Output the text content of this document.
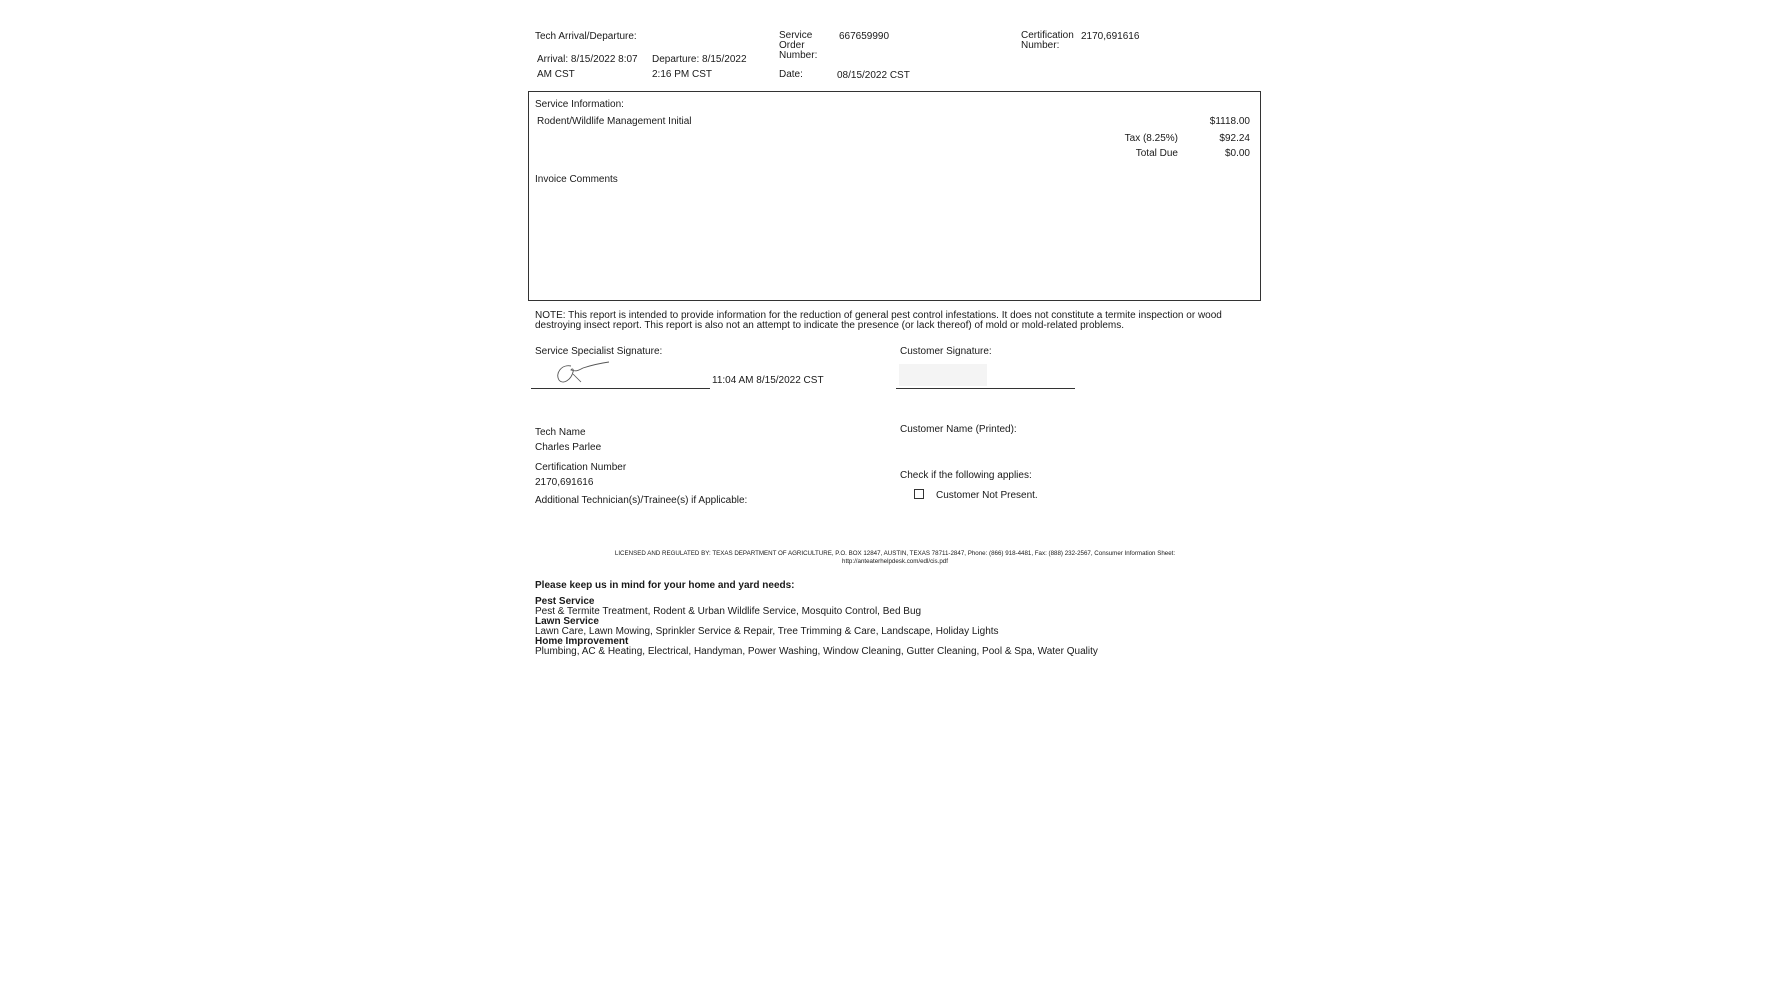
Tech Arrival/Departure:
Arrival: 8/15/2022 8:07
AM CST
Departure: 8/15/2022
2:16 PM CST
Service
Order
Number:
667659990
Date:	08/15/2022 CST
Certification
Number:
2170,691616
Service Information:
Rodent/Wildlife Management Initial	$1118.00
Tax (8.25%)	$92.24
Total Due	$0.00
Invoice Comments
NOTE: This report is intended to provide information for the reduction of general pest control infestations. It does not constitute a termite inspection or wood destroying insect report. This report is also not an attempt to indicate the presence (or lack thereof) of mold or mold-related problems.
Service Specialist Signature:
11:04 AM 8/15/2022 CST
Customer Signature:
Tech Name
Charles Parlee
Certification Number
2170,691616
Additional Technician(s)/Trainee(s) if Applicable:
Customer Name (Printed):
Check if the following applies:
Customer Not Present.
LICENSED AND REGULATED BY: TEXAS DEPARTMENT OF AGRICULTURE, P.O. BOX 12847, AUSTIN, TEXAS 78711-2847, Phone: (866) 918-4481, Fax: (888) 232-2567, Consumer Information Sheet:
http://anteaterhelpdesk.com/edl/cis.pdf
Please keep us in mind for your home and yard needs:
Pest Service
Pest & Termite Treatment, Rodent & Urban Wildlife Service, Mosquito Control, Bed Bug
Lawn Service
Lawn Care, Lawn Mowing, Sprinkler Service & Repair, Tree Trimming & Care, Landscape, Holiday Lights
Home Improvement
Plumbing, AC & Heating, Electrical, Handyman, Power Washing, Window Cleaning, Gutter Cleaning, Pool & Spa, Water Quality
